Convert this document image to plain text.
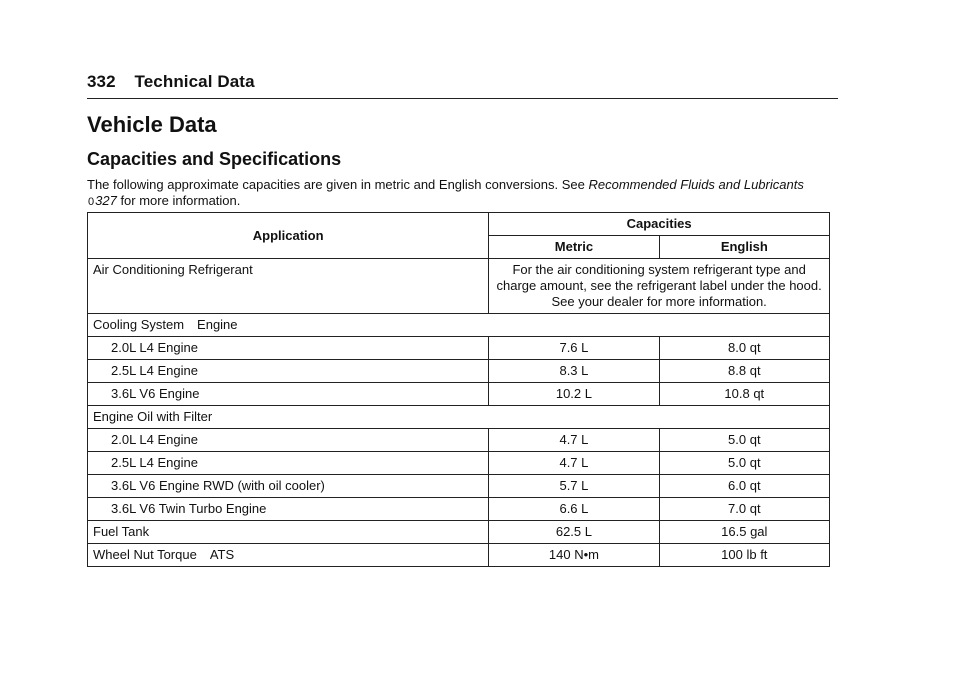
332 Technical Data
Vehicle Data
Capacities and Specifications
The following approximate capacities are given in metric and English conversions. See Recommended Fluids and Lubricants 0327 for more information.
Application	Capacities	
	Metric	English
Air Conditioning Refrigerant	For the air conditioning system refrigerant type and charge amount, see the refrigerant label under the hood. See your dealer for more information.	
Cooling System Engine		
2.0L L4 Engine	7.6 L	8.0 qt
2.5L L4 Engine	8.3 L	8.8 qt
3.6L V6 Engine	10.2 L	10.8 qt
Engine Oil with Filter		
2.0L L4 Engine	4.7 L	5.0 qt
2.5L L4 Engine	4.7 L	5.0 qt
3.6L V6 Engine RWD (with oil cooler)	5.7 L	6.0 qt
3.6L V6 Twin Turbo Engine	6.6 L	7.0 qt
Fuel Tank	62.5 L	16.5 gal
Wheel Nut Torque ATS	140 N•m	100 lb ft
